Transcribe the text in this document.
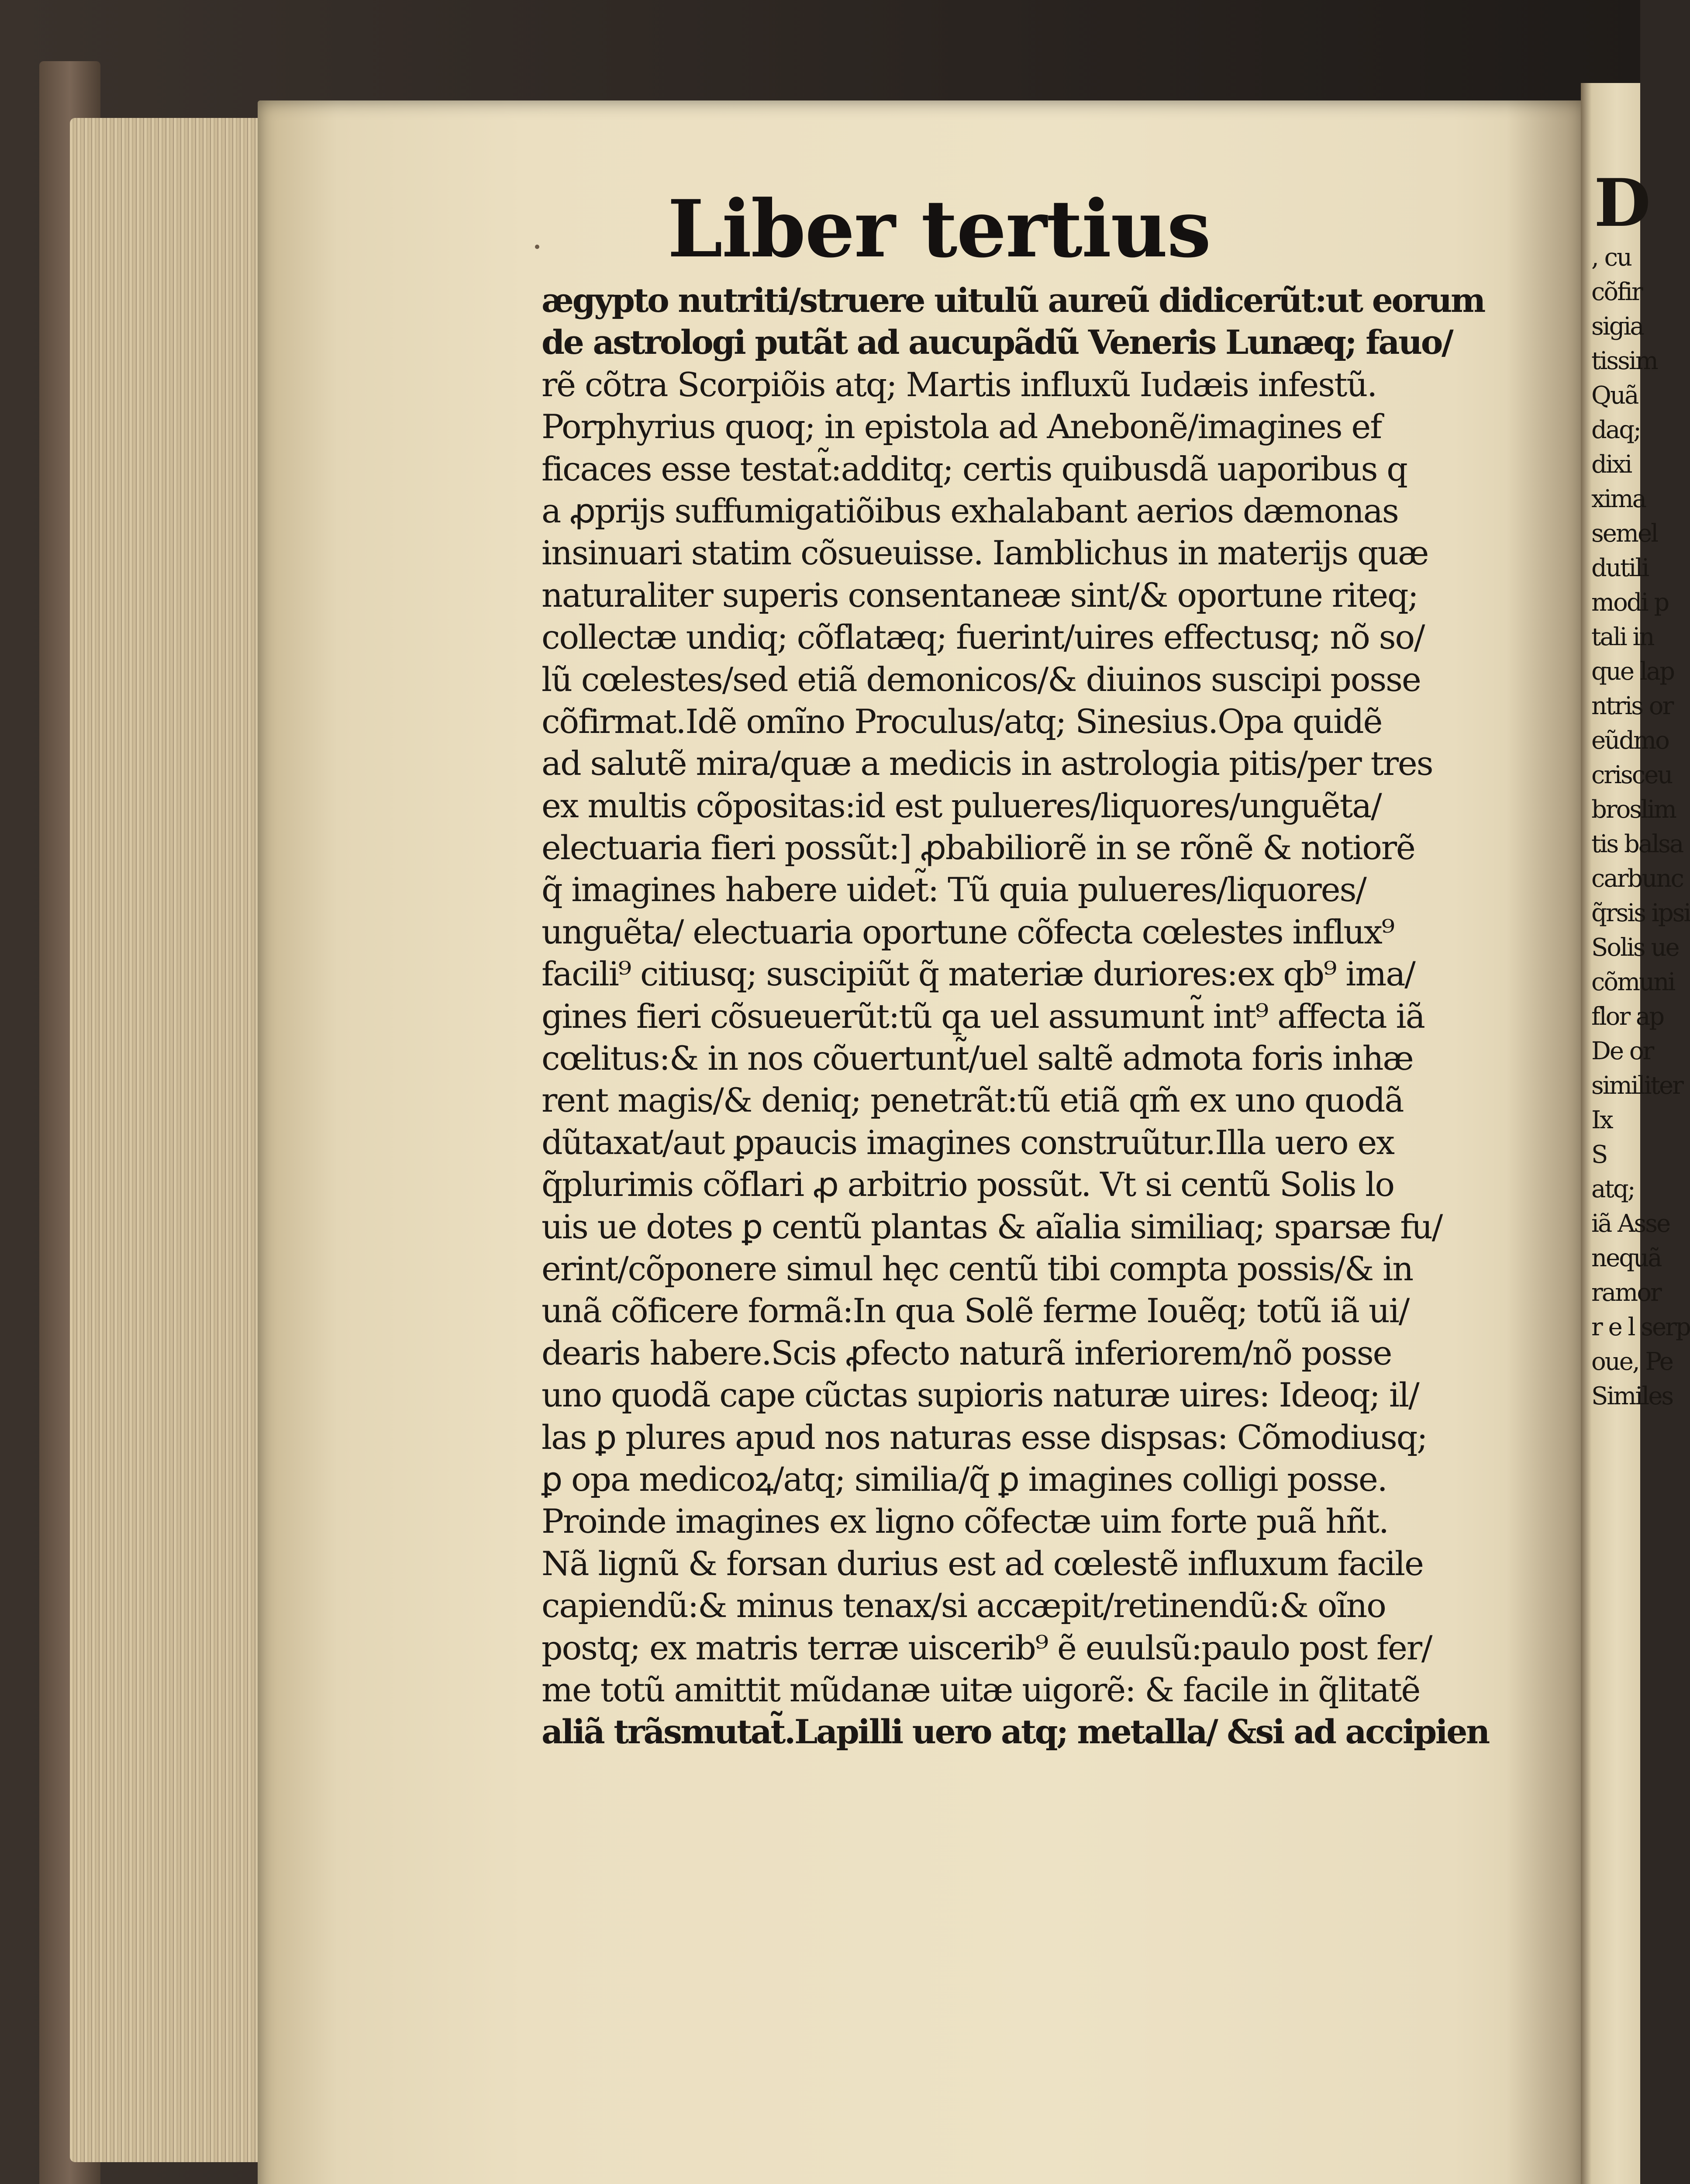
Liber tertius
ægypto nutriti/struere uitulũ aureũ didicerũt:ut eorum
de astrologi putãt ad aucupãdũ Veneris Lunæq; fauo/
rẽ cõtra Scorpiõis atq; Martis influxũ Iudæis infestũ.
Porphyrius quoq; in epistola ad Anebonẽ/imagines ef
ficaces esse testat̃:additq; certis quibusdã uaporibus q
a ꝓprijs suffumigatiõibus exhalabant aerios dæmonas
insinuari statim cõsueuisse. Iamblichus in materijs quæ
naturaliter superis consentaneæ sint/& oportune riteq;
collectæ undiq; cõflatæq; fuerint/uires effectusq; nõ so/
lũ cœlestes/sed etiã demonicos/& diuinos suscipi posse
cõfirmat.Idẽ omĩno Proculus/atq; Sinesius.Opa quidẽ
ad salutẽ mira/quæ a medicis in astrologia pitis/per tres
ex multis cõpositas:id est pulueres/liquores/unguẽta/
electuaria fieri possũt:] ꝓbabiliorẽ in se rõnẽ & notiorẽ
q̃ imagines habere uidet̃: Tũ quia pulueres/liquores/
unguẽta/ electuaria oportune cõfecta cœlestes influx⁹
facili⁹ citiusq; suscipiũt q̃ materiæ duriores:ex qb⁹ ima/
gines fieri cõsueuerũt:tũ qa uel assumunt̃ int⁹ affecta iã
cœlitus:& in nos cõuertunt̃/uel saltẽ admota foris inhæ
rent magis/& deniq; penetrãt:tũ etiã qm̃ ex uno quodã
dũtaxat/aut ꝑpaucis imagines construũtur.Illa uero ex
q̃plurimis cõflari ꝓ arbitrio possũt. Vt si centũ Solis lo
uis ue dotes ꝑ centũ plantas & aĩalia similiaq; sparsæ fu/
erint/cõponere simul hęc centũ tibi compta possis/& in
unã cõficere formã:In qua Solẽ ferme Iouẽq; totũ iã ui/
dearis habere.Scis ꝓfecto naturã inferiorem/nõ posse
uno quodã cape cũctas supioris naturæ uires: Ideoq; il/
las ꝑ plures apud nos naturas esse dispsas: Cõmodiusq;
ꝑ opa medicoꝝ/atq; similia/q̃ ꝑ imagines colligi posse.
Proinde imagines ex ligno cõfectæ uim forte puã hñt.
Nã lignũ & forsan durius est ad cœlestẽ influxum facile
capiendũ:& minus tenax/si accæpit/retinendũ:& oĩno
postq; ex matris terræ uiscerib⁹ ẽ euulsũ:paulo post fer/
me totũ amittit mũdanæ uitæ uigorẽ: & facile in q̃litatẽ
aliã trãsmutat̃.Lapilli uero atq; metalla/ &si ad accipien
D
, cu
cõfir
sigia
tissim
Quã
daq;
dixi
xima
semel
dutili
modi p
tali in
que lap
ntris or
eũdmo
crisceu
broslim
tis balsa
carbunc
q̃rsis ipsi
Solis ue
cõmuni
flor ap
De or
similiter
Ix
S
atq;
iã Asse
nequã
ramor
r e l serp
oue, Pe
Similes
